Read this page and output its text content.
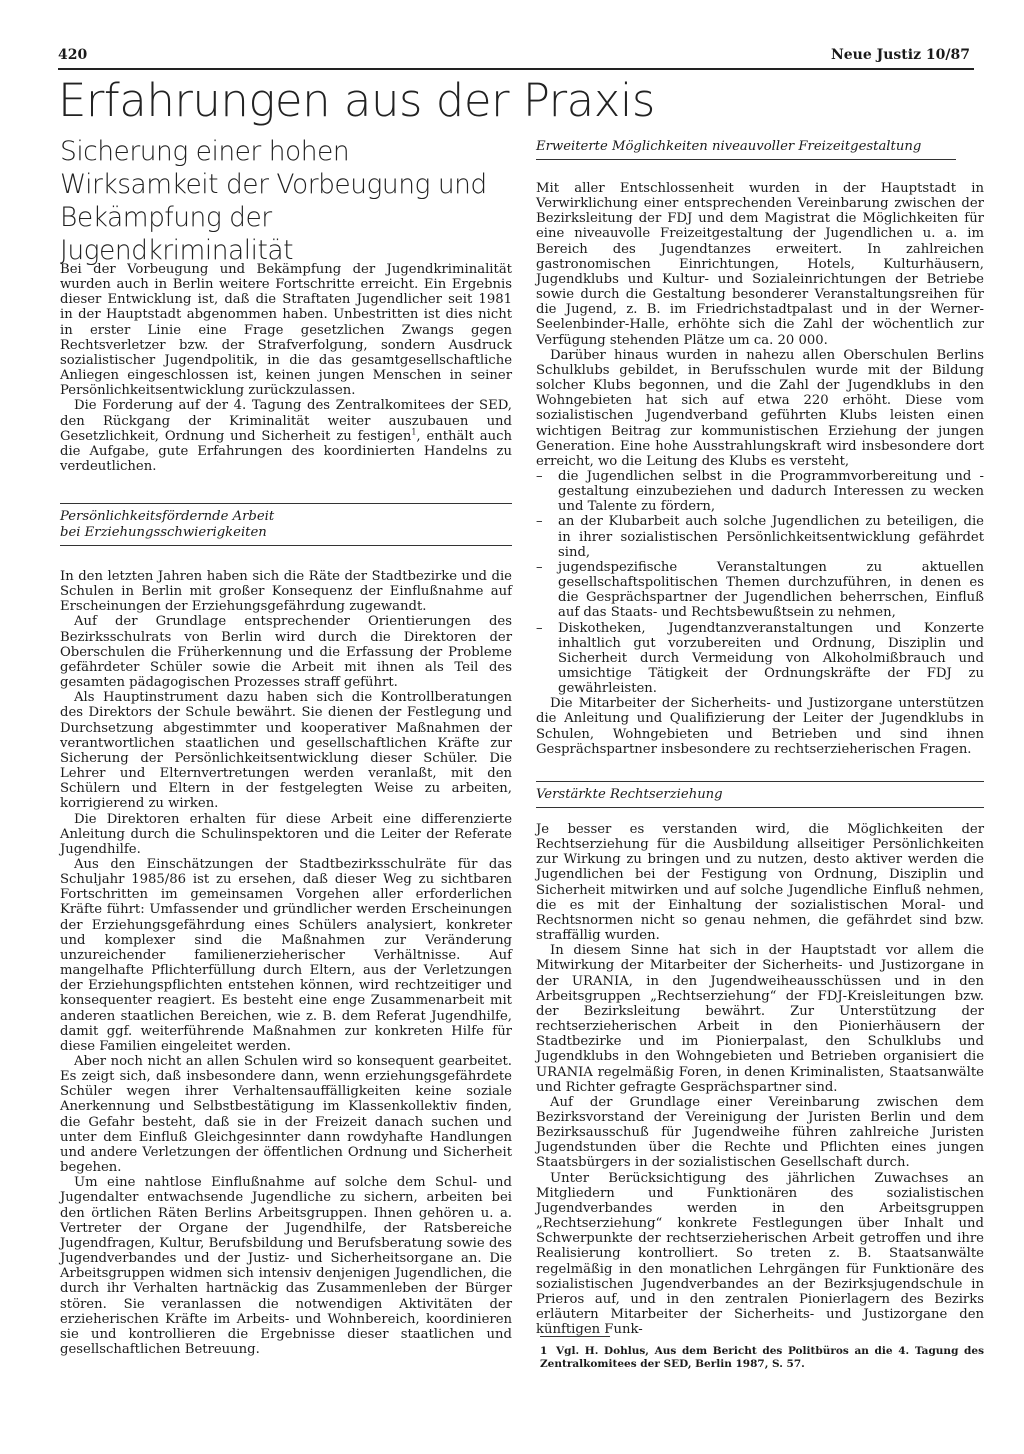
420	Neue Justiz 10/87
Erfahrungen aus der Praxis
Sicherung einer hohen Wirksamkeit der Vorbeugung und Bekämpfung der Jugendkriminalität

Bei der Vorbeugung und Bekämpfung der Jugendkriminalität wurden auch in Berlin weitere Fortschritte erreicht. Ein Ergebnis dieser Entwicklung ist, daß die Straftaten Jugendlicher seit 1981 in der Hauptstadt abgenommen haben. Unbestritten ist dies nicht in erster Linie eine Frage gesetzlichen Zwangs gegen Rechtsverletzer bzw. der Strafverfolgung, sondern Ausdruck sozialistischer Jugendpolitik, in die das gesamtgesellschaftliche Anliegen eingeschlossen ist, keinen jungen Menschen in seiner Persönlichkeitsentwicklung zurückzulassen.

Die Forderung auf der 4. Tagung des Zentralkomitees der SED, den Rückgang der Kriminalität weiter auszubauen und Gesetzlichkeit, Ordnung und Sicherheit zu festigen$^1$, enthält auch die Aufgabe, gute Erfahrungen des koordinierten Handelns zu verdeutlichen.

Persönlichkeitsfördernde Arbeit
bei Erziehungsschwierigkeiten

In den letzten Jahren haben sich die Räte der Stadtbezirke und die Schulen in Berlin mit großer Konsequenz der Einflußnahme auf Erscheinungen der Erziehungsgefährdung zugewandt.

Auf der Grundlage entsprechender Orientierungen des Bezirksschulrats von Berlin wird durch die Direktoren der Oberschulen die Früherkennung und die Erfassung der Probleme gefährdeter Schüler sowie die Arbeit mit ihnen als Teil des gesamten pädagogischen Prozesses straff geführt.

Als Hauptinstrument dazu haben sich die Kontrollberatungen des Direktors der Schule bewährt. Sie dienen der Festlegung und Durchsetzung abgestimmter und kooperativer Maßnahmen der verantwortlichen staatlichen und gesellschaftlichen Kräfte zur Sicherung der Persönlichkeitsentwicklung dieser Schüler. Die Lehrer und Elternvertretungen werden veranlaßt, mit den Schülern und Eltern in der festgelegten Weise zu arbeiten, korrigierend zu wirken.

Die Direktoren erhalten für diese Arbeit eine differenzierte Anleitung durch die Schulinspektoren und die Leiter der Referate Jugendhilfe.

Aus den Einschätzungen der Stadtbezirksschulräte für das Schuljahr 1985/86 ist zu ersehen, daß dieser Weg zu sichtbaren Fortschritten im gemeinsamen Vorgehen aller erforderlichen Kräfte führt: Umfassender und gründlicher werden Erscheinungen der Erziehungsgefährdung eines Schülers analysiert, konkreter und komplexer sind die Maßnahmen zur Veränderung unzureichender familienerzieherischer Verhältnisse. Auf mangelhafte Pflichterfüllung durch Eltern, aus der Verletzungen der Erziehungspflichten entstehen können, wird rechtzeitiger und konsequenter reagiert. Es besteht eine enge Zusammenarbeit mit anderen staatlichen Bereichen, wie z. B. dem Referat Jugendhilfe, damit ggf. weiterführende Maßnahmen zur konkreten Hilfe für diese Familien eingeleitet werden.

Aber noch nicht an allen Schulen wird so konsequent gearbeitet. Es zeigt sich, daß insbesondere dann, wenn erziehungsgefährdete Schüler wegen ihrer Verhaltensauffälligkeiten keine soziale Anerkennung und Selbstbestätigung im Klassenkollektiv finden, die Gefahr besteht, daß sie in der Freizeit danach suchen und unter dem Einfluß Gleichgesinnter dann rowdyhafte Handlungen und andere Verletzungen der öffentlichen Ordnung und Sicherheit begehen.

Um eine nahtlose Einflußnahme auf solche dem Schul- und Jugendalter entwachsende Jugendliche zu sichern, arbeiten bei den örtlichen Räten Berlins Arbeitsgruppen. Ihnen gehören u. a. Vertreter der Organe der Jugendhilfe, der Ratsbereiche Jugendfragen, Kultur, Berufsbildung und Berufsberatung sowie des Jugendverbandes und der Justiz- und Sicherheitsorgane an. Die Arbeitsgruppen widmen sich intensiv denjenigen Jugendlichen, die durch ihr Verhalten hartnäckig das Zusammenleben der Bürger stören. Sie veranlassen die notwendigen Aktivitäten der erzieherischen Kräfte im Arbeits- und Wohnbereich, koordinieren sie und kontrollieren die Ergebnisse dieser staatlichen und gesellschaftlichen Betreuung.

Erweiterte Möglichkeiten niveauvoller Freizeitgestaltung

Mit aller Entschlossenheit wurden in der Hauptstadt in Verwirklichung einer entsprechenden Vereinbarung zwischen der Bezirksleitung der FDJ und dem Magistrat die Möglichkeiten für eine niveauvolle Freizeitgestaltung der Jugendlichen u. a. im Bereich des Jugendtanzes erweitert. In zahlreichen gastronomischen Einrichtungen, Hotels, Kulturhäusern, Jugendklubs und Kultur- und Sozialeinrichtungen der Betriebe sowie durch die Gestaltung besonderer Veranstaltungsreihen für die Jugend, z. B. im Friedrichstadtpalast und in der Werner-Seelenbinder-Halle, erhöhte sich die Zahl der wöchentlich zur Verfügung stehenden Plätze um ca. 20 000.

Darüber hinaus wurden in nahezu allen Oberschulen Berlins Schulklubs gebildet, in Berufsschulen wurde mit der Bildung solcher Klubs begonnen, und die Zahl der Jugendklubs in den Wohngebieten hat sich auf etwa 220 erhöht. Diese vom sozialistischen Jugendverband geführten Klubs leisten einen wichtigen Beitrag zur kommunistischen Erziehung der jungen Generation. Eine hohe Ausstrahlungskraft wird insbesondere dort erreicht, wo die Leitung des Klubs es versteht,

– die Jugendlichen selbst in die Programmvorbereitung und -gestaltung einzubeziehen und dadurch Interessen zu wecken und Talente zu fördern,
– an der Klubarbeit auch solche Jugendlichen zu beteiligen, die in ihrer sozialistischen Persönlichkeitsentwicklung gefährdet sind,
– jugendspezifische Veranstaltungen zu aktuellen gesellschaftspolitischen Themen durchzuführen, in denen es die Gesprächspartner der Jugendlichen beherrschen, Einfluß auf das Staats- und Rechtsbewußtsein zu nehmen,
– Diskotheken, Jugendtanzveranstaltungen und Konzerte inhaltlich gut vorzubereiten und Ordnung, Disziplin und Sicherheit durch Vermeidung von Alkoholmißbrauch und umsichtige Tätigkeit der Ordnungskräfte der FDJ zu gewährleisten.

Die Mitarbeiter der Sicherheits- und Justizorgane unterstützen die Anleitung und Qualifizierung der Leiter der Jugendklubs in Schulen, Wohngebieten und Betrieben und sind ihnen Gesprächspartner insbesondere zu rechtserzieherischen Fragen.

Verstärkte Rechtserziehung

Je besser es verstanden wird, die Möglichkeiten der Rechtserziehung für die Ausbildung allseitiger Persönlichkeiten zur Wirkung zu bringen und zu nutzen, desto aktiver werden die Jugendlichen bei der Festigung von Ordnung, Disziplin und Sicherheit mitwirken und auf solche Jugendliche Einfluß nehmen, die es mit der Einhaltung der sozialistischen Moral- und Rechtsnormen nicht so genau nehmen, die gefährdet sind bzw. straffällig wurden.

In diesem Sinne hat sich in der Hauptstadt vor allem die Mitwirkung der Mitarbeiter der Sicherheits- und Justizorgane in der URANIA, in den Jugendweiheausschüssen und in den Arbeitsgruppen „Rechtserziehung“ der FDJ-Kreisleitungen bzw. der Bezirksleitung bewährt. Zur Unterstützung der rechtserzieherischen Arbeit in den Pionierhäusern der Stadtbezirke und im Pionierpalast, den Schulklubs und Jugendklubs in den Wohngebieten und Betrieben organisiert die URANIA regelmäßig Foren, in denen Kriminalisten, Staatsanwälte und Richter gefragte Gesprächspartner sind.

Auf der Grundlage einer Vereinbarung zwischen dem Bezirksvorstand der Vereinigung der Juristen Berlin und dem Bezirksausschuß für Jugendweihe führen zahlreiche Juristen Jugendstunden über die Rechte und Pflichten eines jungen Staatsbürgers in der sozialistischen Gesellschaft durch.

Unter Berücksichtigung des jährlichen Zuwachses an Mitgliedern und Funktionären des sozialistischen Jugendverbandes werden in den Arbeitsgruppen „Rechtserziehung“ konkrete Festlegungen über Inhalt und Schwerpunkte der rechtserzieherischen Arbeit getroffen und ihre Realisierung kontrolliert. So treten z. B. Staatsanwälte regelmäßig in den monatlichen Lehrgängen für Funktionäre des sozialistischen Jugendverbandes an der Bezirksjugendschule in Prieros auf, und in den zentralen Pionierlagern des Bezirks erläutern Mitarbeiter der Sicherheits- und Justizorgane den künftigen Funk-

1 Vgl. H. Dohlus, Aus dem Bericht des Politbüros an die 4. Tagung des Zentralkomitees der SED, Berlin 1987, S. 57.
